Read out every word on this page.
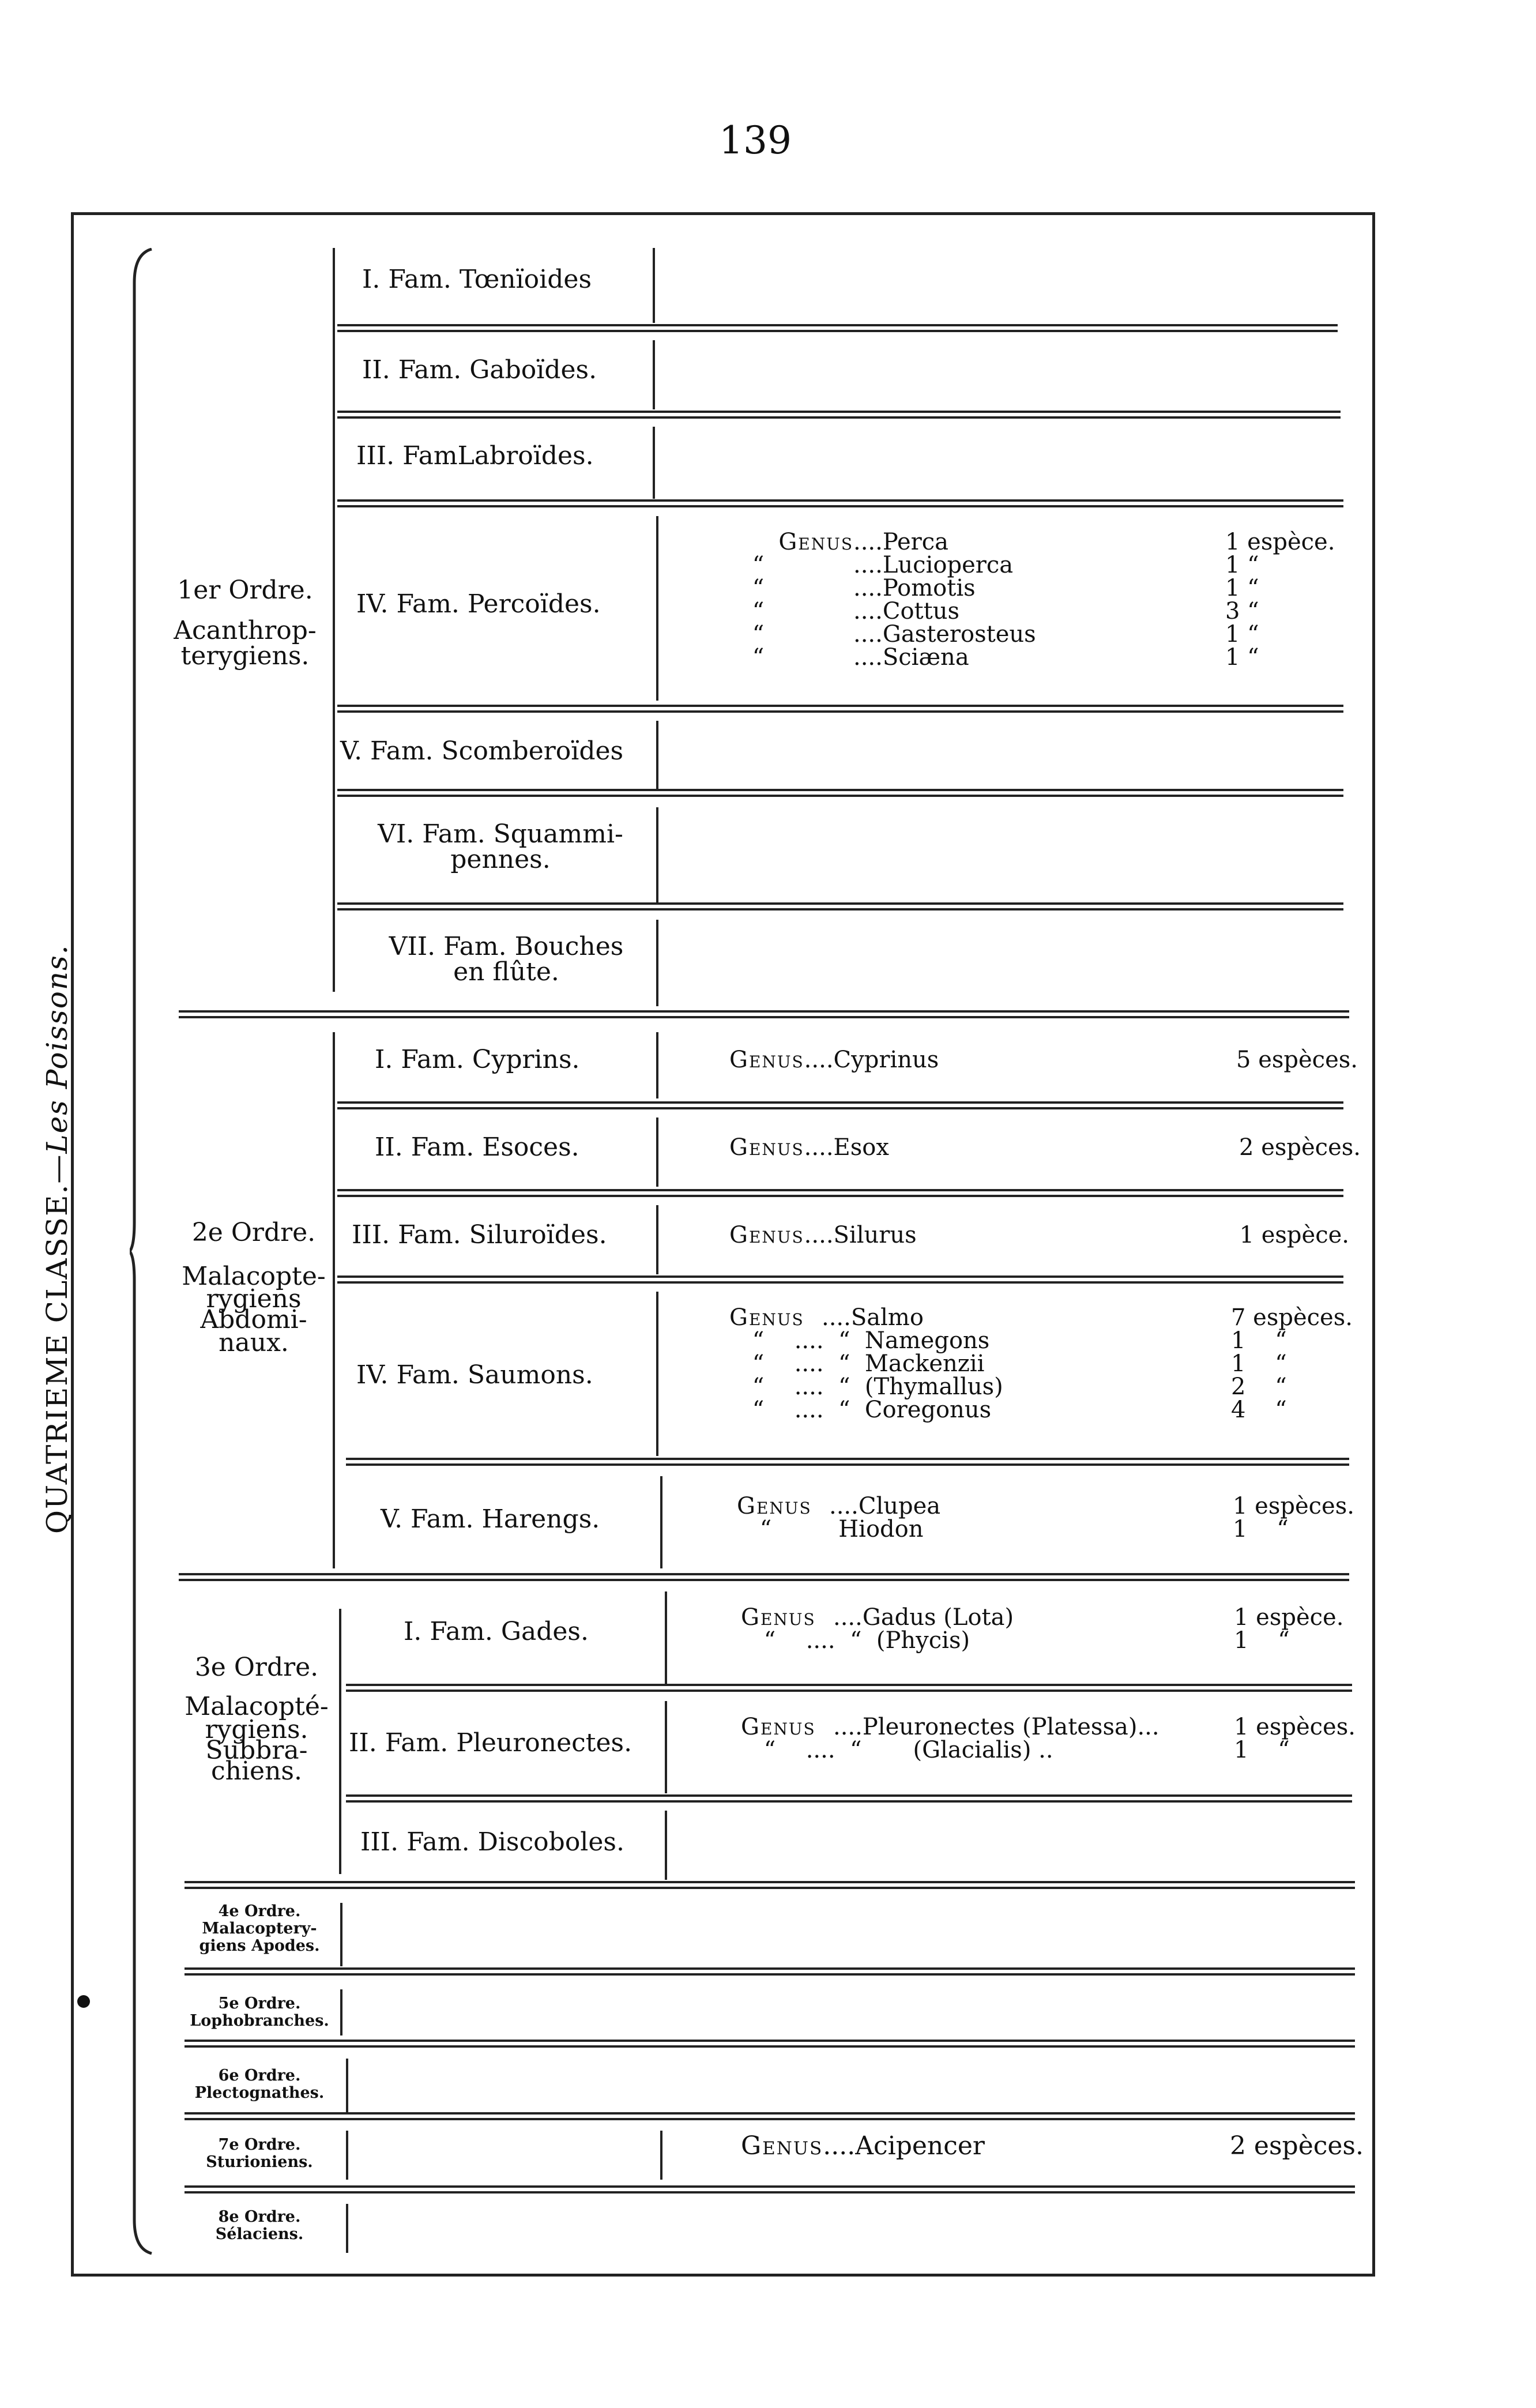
139
QUATRIEME CLASSE.—Les Poissons.
1er Ordre.
Acanthrop-
terygiens.
I. Fam. Tœnïoides
II. Fam. Gaboïdes.
III. FamLabroïdes.
IV. Fam. Percoïdes.
Genus ....Perca	1 espèce.
“	....Lucioperca	1 “
“	....Pomotis	1 “
“	....Cottus	3 “
“	....Gasterosteus	1 “
“	....Sciæna	1 “
V. Fam. Scomberoïdes
VI. Fam. Squammi-
pennes.
VII. Fam. Bouches
en flûte.
2e Ordre.
Malacopte-
rygiens
Abdomi-
naux.
I. Fam. Cyprins.	Genus ....Cyprinus	5 espèces.
II. Fam. Esoces.	Genus ....Esox	2 espèces.
III. Fam. Siluroïdes.	Genus ....Silurus	1 espèce.
IV. Fam. Saumons.
Genus ....Salmo	7 espèces.
“ ....  “  Namegons	1    “
“ ....  “  Mackenzii	1    “
“ ....  “  (Thymallus)	2    “
“ ....  “  Coregonus	4    “
V. Fam. Harengs.	Genus ....Clupea	1 espèces.
“ Hiodon	1    “
3e Ordre.
Malacopté-
rygiens.
Subbra-
chiens.
I. Fam. Gades.	Genus ....Gadus (Lota)	1 espèce.
“ ....  “  (Phycis)	1    “
II. Fam. Pleuronectes.
Genus ....Pleuronectes (Platessa)...	1 espèces.
“ ....  “       (Glacialis) ..	1    “
III. Fam. Discoboles.
4e Ordre.
Malacoptery-
giens Apodes.
5e Ordre.
Lophobranches.
6e Ordre.
Plectognathes.
7e Ordre.
Sturioniens.
Genus ....Acipencer	2 espèces.
8e Ordre.
Sélaciens.
